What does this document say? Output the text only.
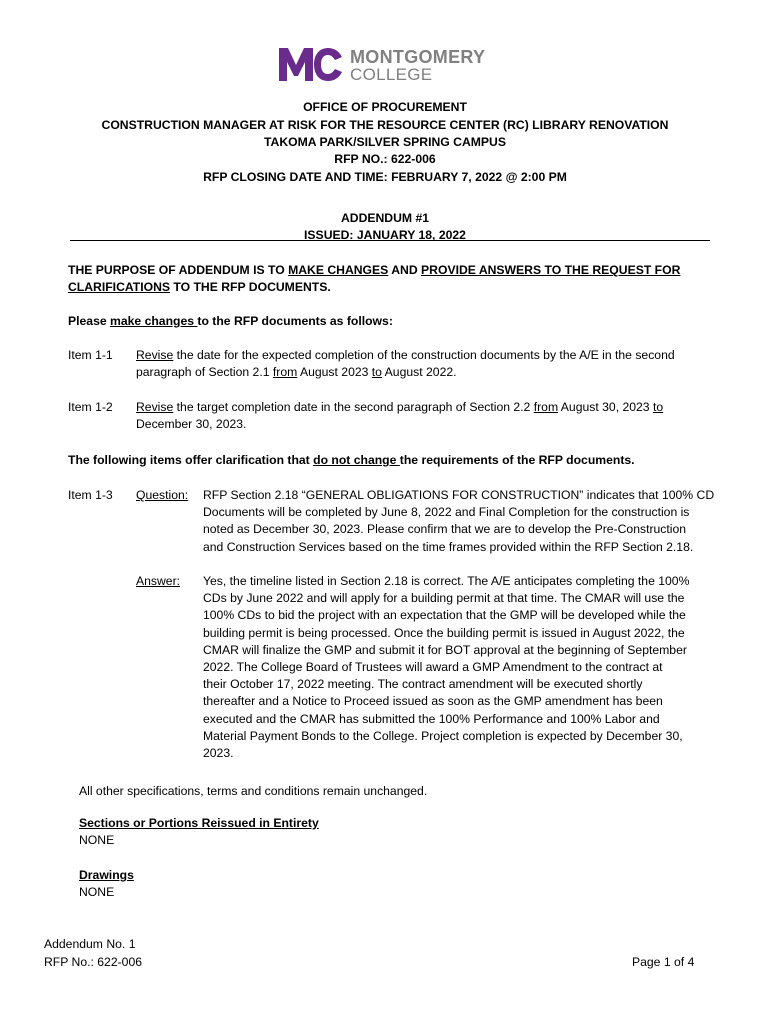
MONTGOMERY
COLLEGE
OFFICE OF PROCUREMENT
CONSTRUCTION MANAGER AT RISK FOR THE RESOURCE CENTER (RC) LIBRARY RENOVATION
TAKOMA PARK/SILVER SPRING CAMPUS
RFP NO.: 622-006
RFP CLOSING DATE AND TIME: FEBRUARY 7, 2022 @ 2:00 PM
ADDENDUM #1
ISSUED: JANUARY 18, 2022
THE PURPOSE OF ADDENDUM IS TO MAKE CHANGES AND PROVIDE ANSWERS TO THE REQUEST FOR
CLARIFICATIONS TO THE RFP DOCUMENTS.
Please make changes to the RFP documents as follows:
Item 1-1 Revise the date for the expected completion of the construction documents by the A/E in the second
paragraph of Section 2.1 from August 2023 to August 2022.
Item 1-2 Revise the target completion date in the second paragraph of Section 2.2 from August 30, 2023 to
December 30, 2023.
The following items offer clarification that do not change the requirements of the RFP documents.
Item 1-3 Question: RFP Section 2.18 “GENERAL OBLIGATIONS FOR CONSTRUCTION” indicates that 100% CD
Documents will be completed by June 8, 2022 and Final Completion for the construction is
noted as December 30, 2023. Please confirm that we are to develop the Pre-Construction
and Construction Services based on the time frames provided within the RFP Section 2.18.
Answer: Yes, the timeline listed in Section 2.18 is correct. The A/E anticipates completing the 100%
CDs by June 2022 and will apply for a building permit at that time. The CMAR will use the
100% CDs to bid the project with an expectation that the GMP will be developed while the
building permit is being processed. Once the building permit is issued in August 2022, the
CMAR will finalize the GMP and submit it for BOT approval at the beginning of September
2022. The College Board of Trustees will award a GMP Amendment to the contract at
their October 17, 2022 meeting. The contract amendment will be executed shortly
thereafter and a Notice to Proceed issued as soon as the GMP amendment has been
executed and the CMAR has submitted the 100% Performance and 100% Labor and
Material Payment Bonds to the College. Project completion is expected by December 30,
2023.
All other specifications, terms and conditions remain unchanged.
Sections or Portions Reissued in Entirety
NONE
Drawings
NONE
Addendum No. 1
RFP No.: 622-006	Page 1 of 4
